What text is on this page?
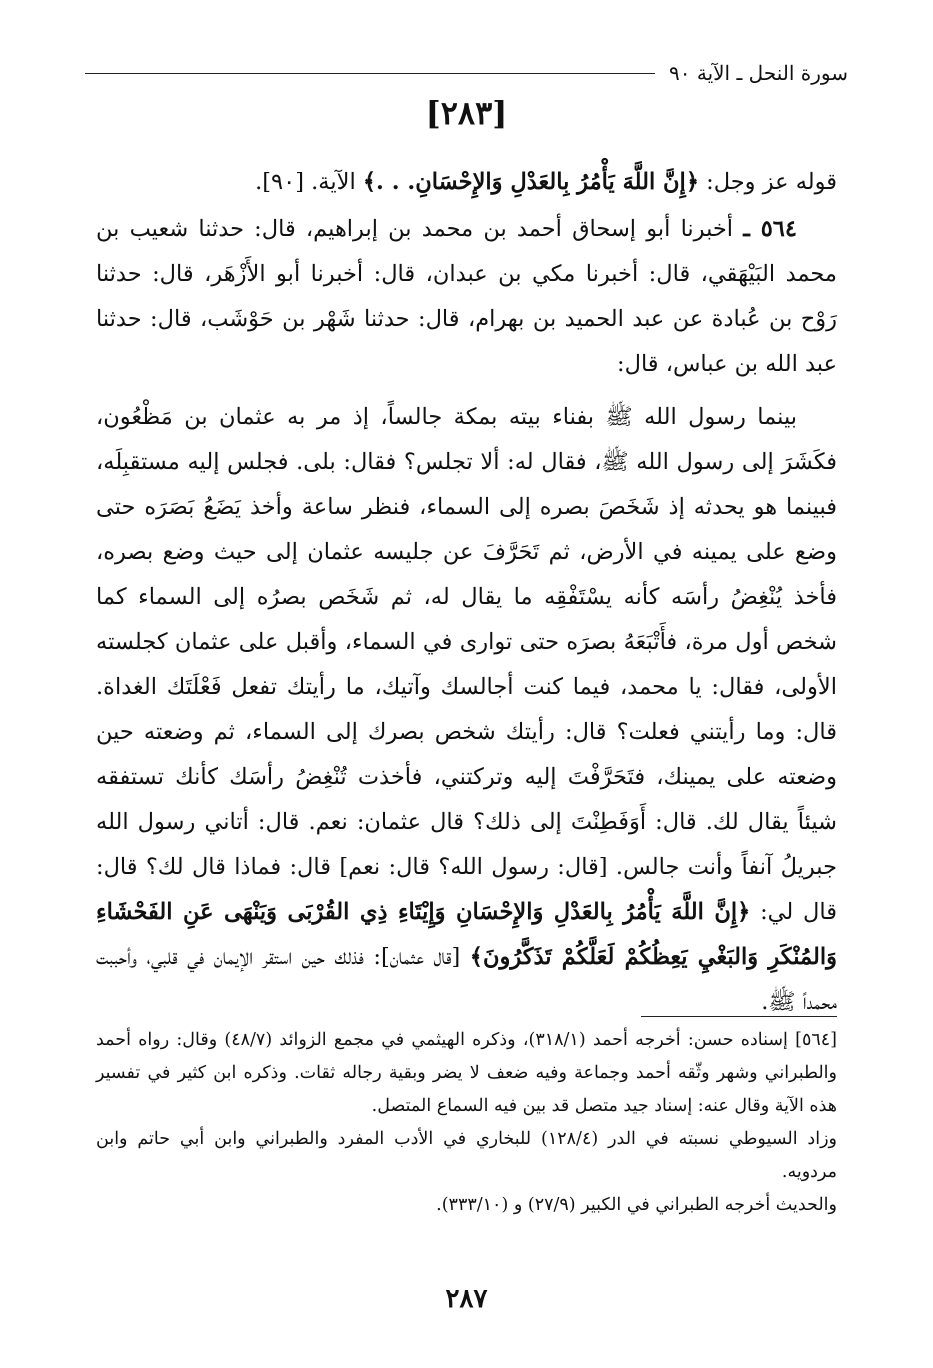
سورة النحل ـ الآية ٩٠
[٢٨٣]

قوله عز وجل: ﴿إِنَّ اللَّهَ يَأْمُرُ بِالعَدْلِ وَالإِحْسَانِ. . .﴾ الآية. [٩٠].

٥٦٤ ـ أخبرنا أبو إسحاق أحمد بن محمد بن إبراهيم، قال: حدثنا شعيب بن محمد البَيْهَقي، قال: أخبرنا مكي بن عبدان، قال: أخبرنا أبو الأَزْهَر، قال: حدثنا رَوْح بن عُبادة عن عبد الحميد بن بهرام، قال: حدثنا شَهْر بن حَوْشَب، قال: حدثنا عبد الله بن عباس، قال:

بينما رسول الله ﷺ بفناء بيته بمكة جالساً، إذ مر به عثمان بن مَظْعُون، فكَشَرَ إلى رسول الله ﷺ، فقال له: ألا تجلس؟ فقال: بلى. فجلس إليه مستقبِلَه، فبينما هو يحدثه إذ شَخَصَ بصره إلى السماء، فنظر ساعة وأخذ يَضَعُ بَصَرَه حتى وضع على يمينه في الأرض، ثم تَحَرَّفَ عن جليسه عثمان إلى حيث وضع بصره، فأخذ يُنْغِضُ رأسَه كأنه يسْتَفْقِه ما يقال له، ثم شَخَص بصرُه إلى السماء كما شخص أول مرة، فأَتْبَعَهُ بصرَه حتى توارى في السماء، وأقبل على عثمان كجلسته الأولى، فقال: يا محمد، فيما كنت أجالسك وآتيك، ما رأيتك تفعل فَعْلَتَك الغداة. قال: وما رأيتني فعلت؟ قال: رأيتك شخص بصرك إلى السماء، ثم وضعته حين وضعته على يمينك، فتَحَرَّفْتَ إليه وتركتني، فأخذت تُنْغِضُ رأسَك كأنك تستفقه شيئاً يقال لك. قال: أَوَفَطِنْتَ إلى ذلك؟ قال عثمان: نعم. قال: أتاني رسول الله جبريلُ آنفاً وأنت جالس. [قال: رسول الله؟ قال: نعم] قال: فماذا قال لك؟ قال: قال لي: ﴿إِنَّ اللَّهَ يَأْمُرُ بِالعَدْلِ وَالإِحْسَانِ وَإِيْتَاءِ ذِي القُرْبَى وَيَنْهَى عَنِ الفَحْشَاءِ وَالمُنْكَرِ وَالبَغْيِ يَعِظُكُمْ لَعَلَّكُمْ تَذَكَّرُونَ﴾ [قال عثمان]: فذلك حين استقر الإيمان في قلبي، وأحببت محمداً ﷺ.

[٥٦٤] إسناده حسن: أخرجه أحمد (٣١٨/١)، وذكره الهيثمي في مجمع الزوائد (٤٨/٧) وقال: رواه أحمد والطبراني وشهر وثّقه أحمد وجماعة وفيه ضعف لا يضر وبقية رجاله ثقات. وذكره ابن كثير في تفسير هذه الآية وقال عنه: إسناد جيد متصل قد بين فيه السماع المتصل.

وزاد السيوطي نسبته في الدر (١٢٨/٤) للبخاري في الأدب المفرد والطبراني وابن أبي حاتم وابن مردويه.

والحديث أخرجه الطبراني في الكبير (٢٧/٩) و (٣٣٣/١٠).

٢٨٧
